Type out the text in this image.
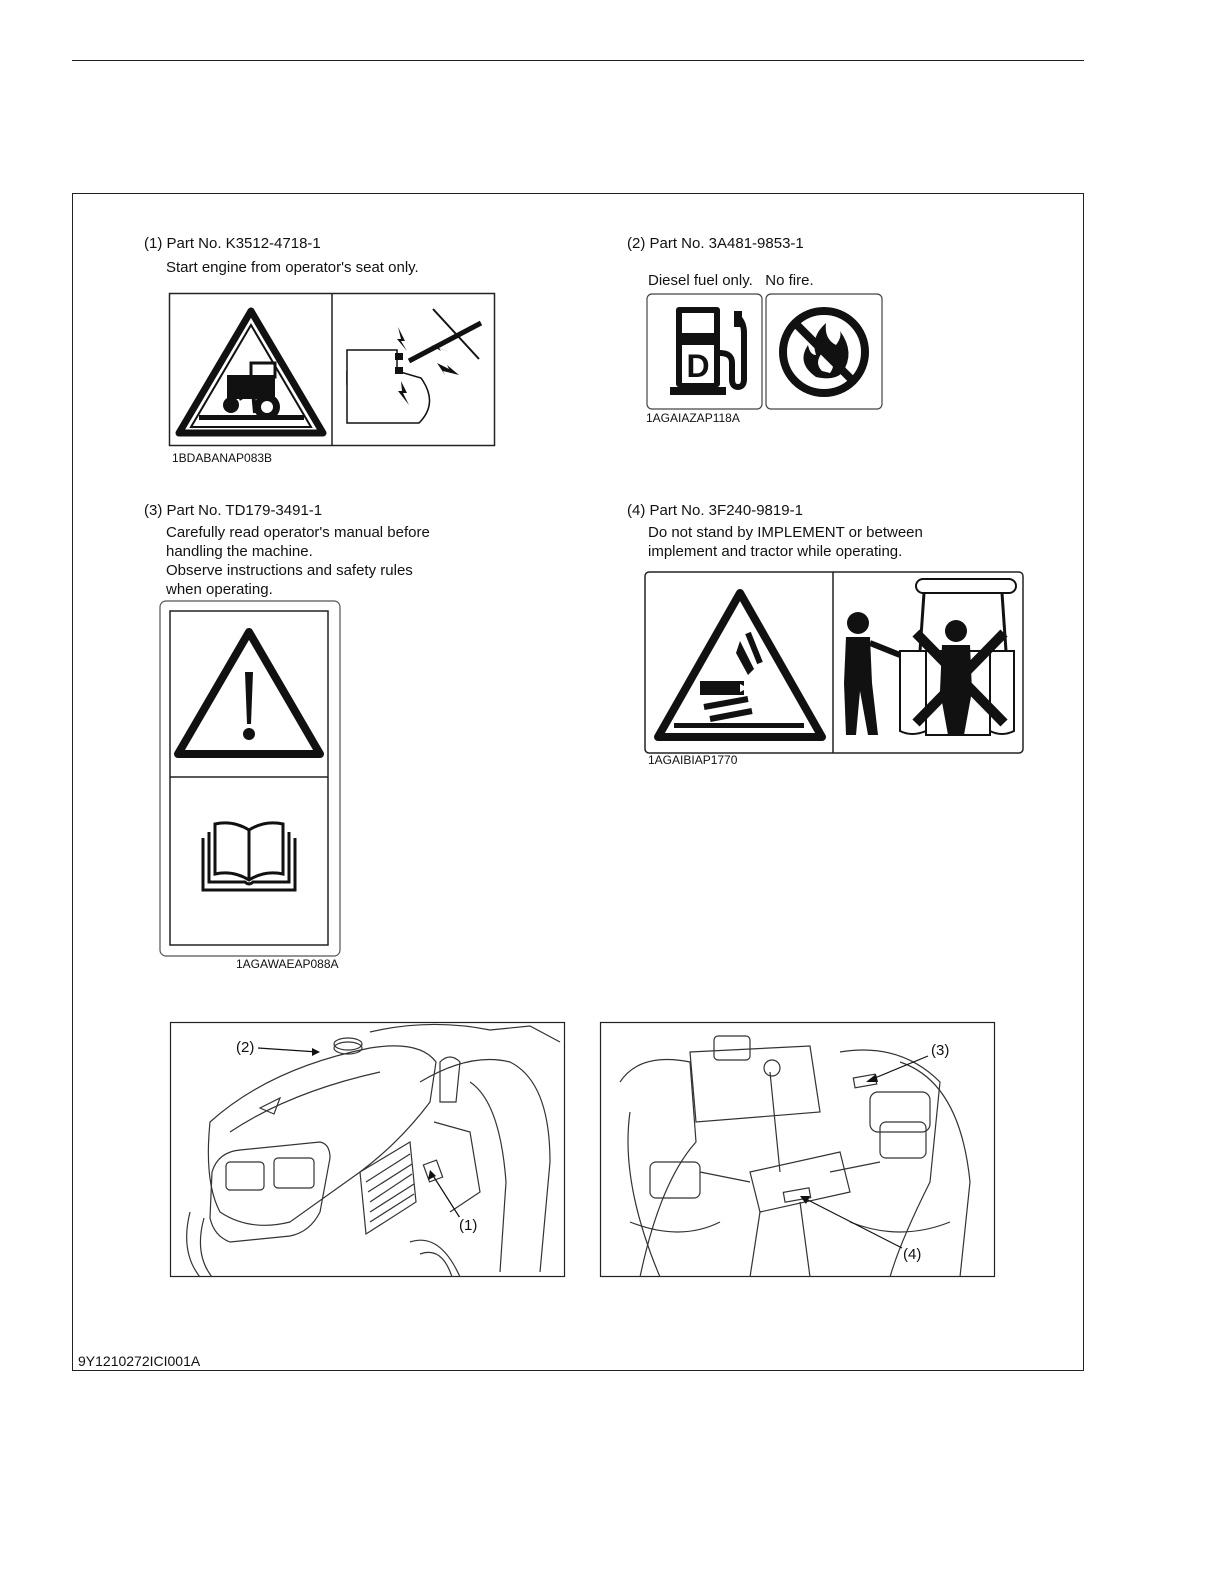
(1) Part No. K3512-4718-1
Start engine from operator's seat only.
1BDABANAP083B
(2) Part No. 3A481-9853-1
Diesel fuel only.   No fire.
D
1AGAIAZAP118A
(3) Part No. TD179-3491-1
Carefully read operator's manual before
handling the machine.
Observe instructions and safety rules
when operating.
1AGAWAEAP088A
(4) Part No. 3F240-9819-1
Do not stand by IMPLEMENT or between
implement and tractor while operating.
1AGAIBIAP1770
(2)
(1)
(3)
(4)
9Y1210272ICI001A
